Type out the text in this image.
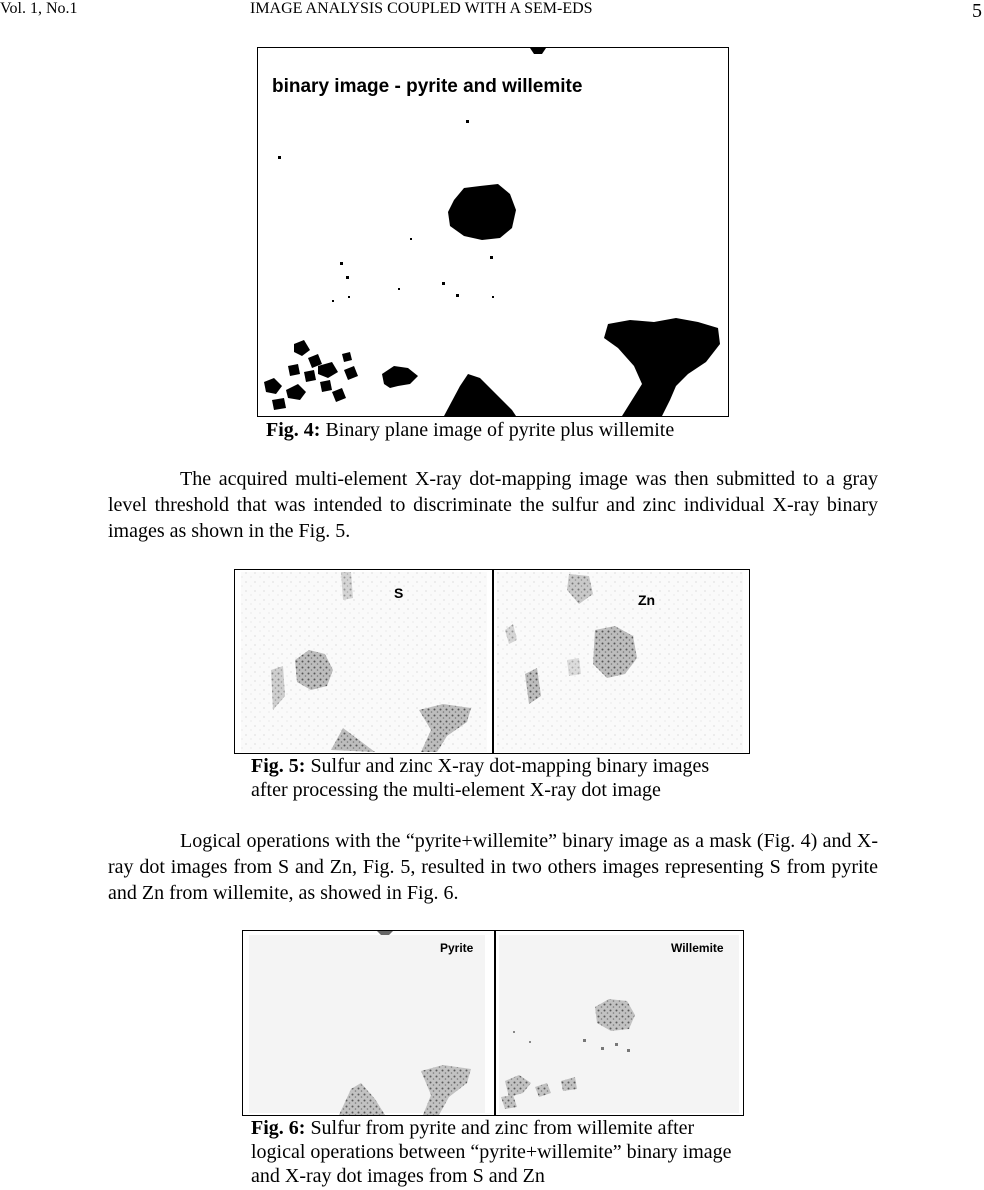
Vol. 1, No.1	IMAGE ANALYSIS COUPLED WITH A SEM-EDS	5
binary image - pyrite and willemite
Fig. 4: Binary plane image of pyrite plus willemite
The acquired multi-element X-ray dot-mapping image was then submitted to a gray level threshold that was intended to discriminate the sulfur and zinc individual X-ray binary images as shown in the Fig. 5.
S	Zn
Fig. 5: Sulfur and zinc X-ray dot-mapping binary images
after processing the multi-element X-ray dot image
Logical operations with the “pyrite+willemite” binary image as a mask (Fig. 4) and X-ray dot images from S and Zn, Fig. 5, resulted in two others images representing S from pyrite and Zn from willemite, as showed in Fig. 6.
Pyrite	Willemite
Fig. 6: Sulfur from pyrite and zinc from willemite after
logical operations between “pyrite+willemite” binary image
and X-ray dot images from S and Zn
